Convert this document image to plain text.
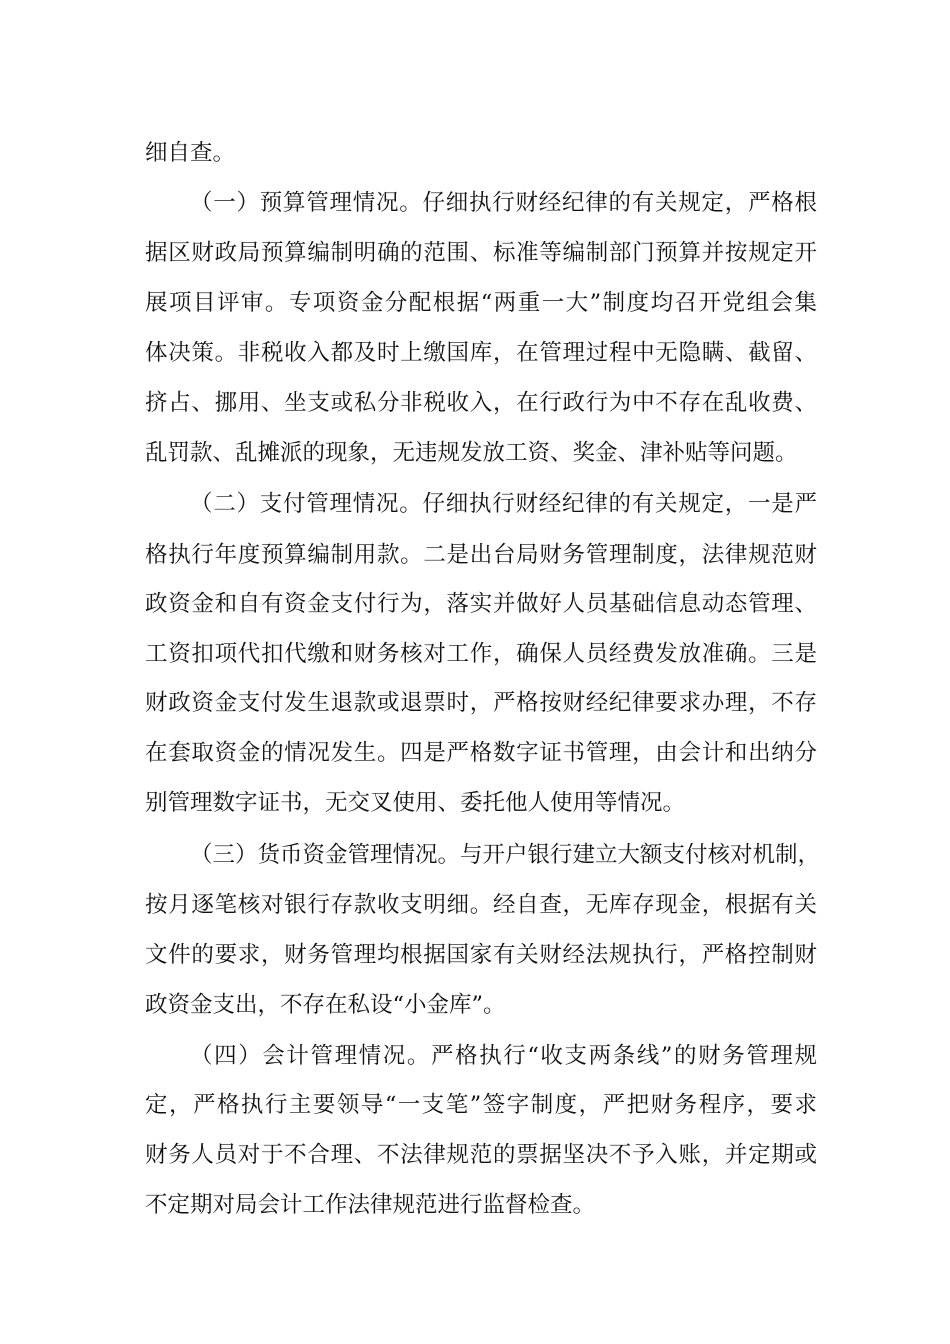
细自查。
（一）预算管理情况。仔细执行财经纪律的有关规定，严格根
据区财政局预算编制明确的范围、标准等编制部门预算并按规定开
展项目评审。专项资金分配根据“两重一大”制度均召开党组会集
体决策。非税收入都及时上缴国库，在管理过程中无隐瞒、截留、
挤占、挪用、坐支或私分非税收入，在行政行为中不存在乱收费、
乱罚款、乱摊派的现象，无违规发放工资、奖金、津补贴等问题。
（二）支付管理情况。仔细执行财经纪律的有关规定，一是严
格执行年度预算编制用款。二是出台局财务管理制度，法律规范财
政资金和自有资金支付行为，落实并做好人员基础信息动态管理、
工资扣项代扣代缴和财务核对工作，确保人员经费发放准确。三是
财政资金支付发生退款或退票时，严格按财经纪律要求办理，不存
在套取资金的情况发生。四是严格数字证书管理，由会计和出纳分
别管理数字证书，无交叉使用、委托他人使用等情况。
（三）货币资金管理情况。与开户银行建立大额支付核对机制，
按月逐笔核对银行存款收支明细。经自查，无库存现金，根据有关
文件的要求，财务管理均根据国家有关财经法规执行，严格控制财
政资金支出，不存在私设“小金库”。
（四）会计管理情况。严格执行“收支两条线”的财务管理规
定，严格执行主要领导“一支笔”签字制度，严把财务程序，要求
财务人员对于不合理、不法律规范的票据坚决不予入账，并定期或
不定期对局会计工作法律规范进行监督检查。
